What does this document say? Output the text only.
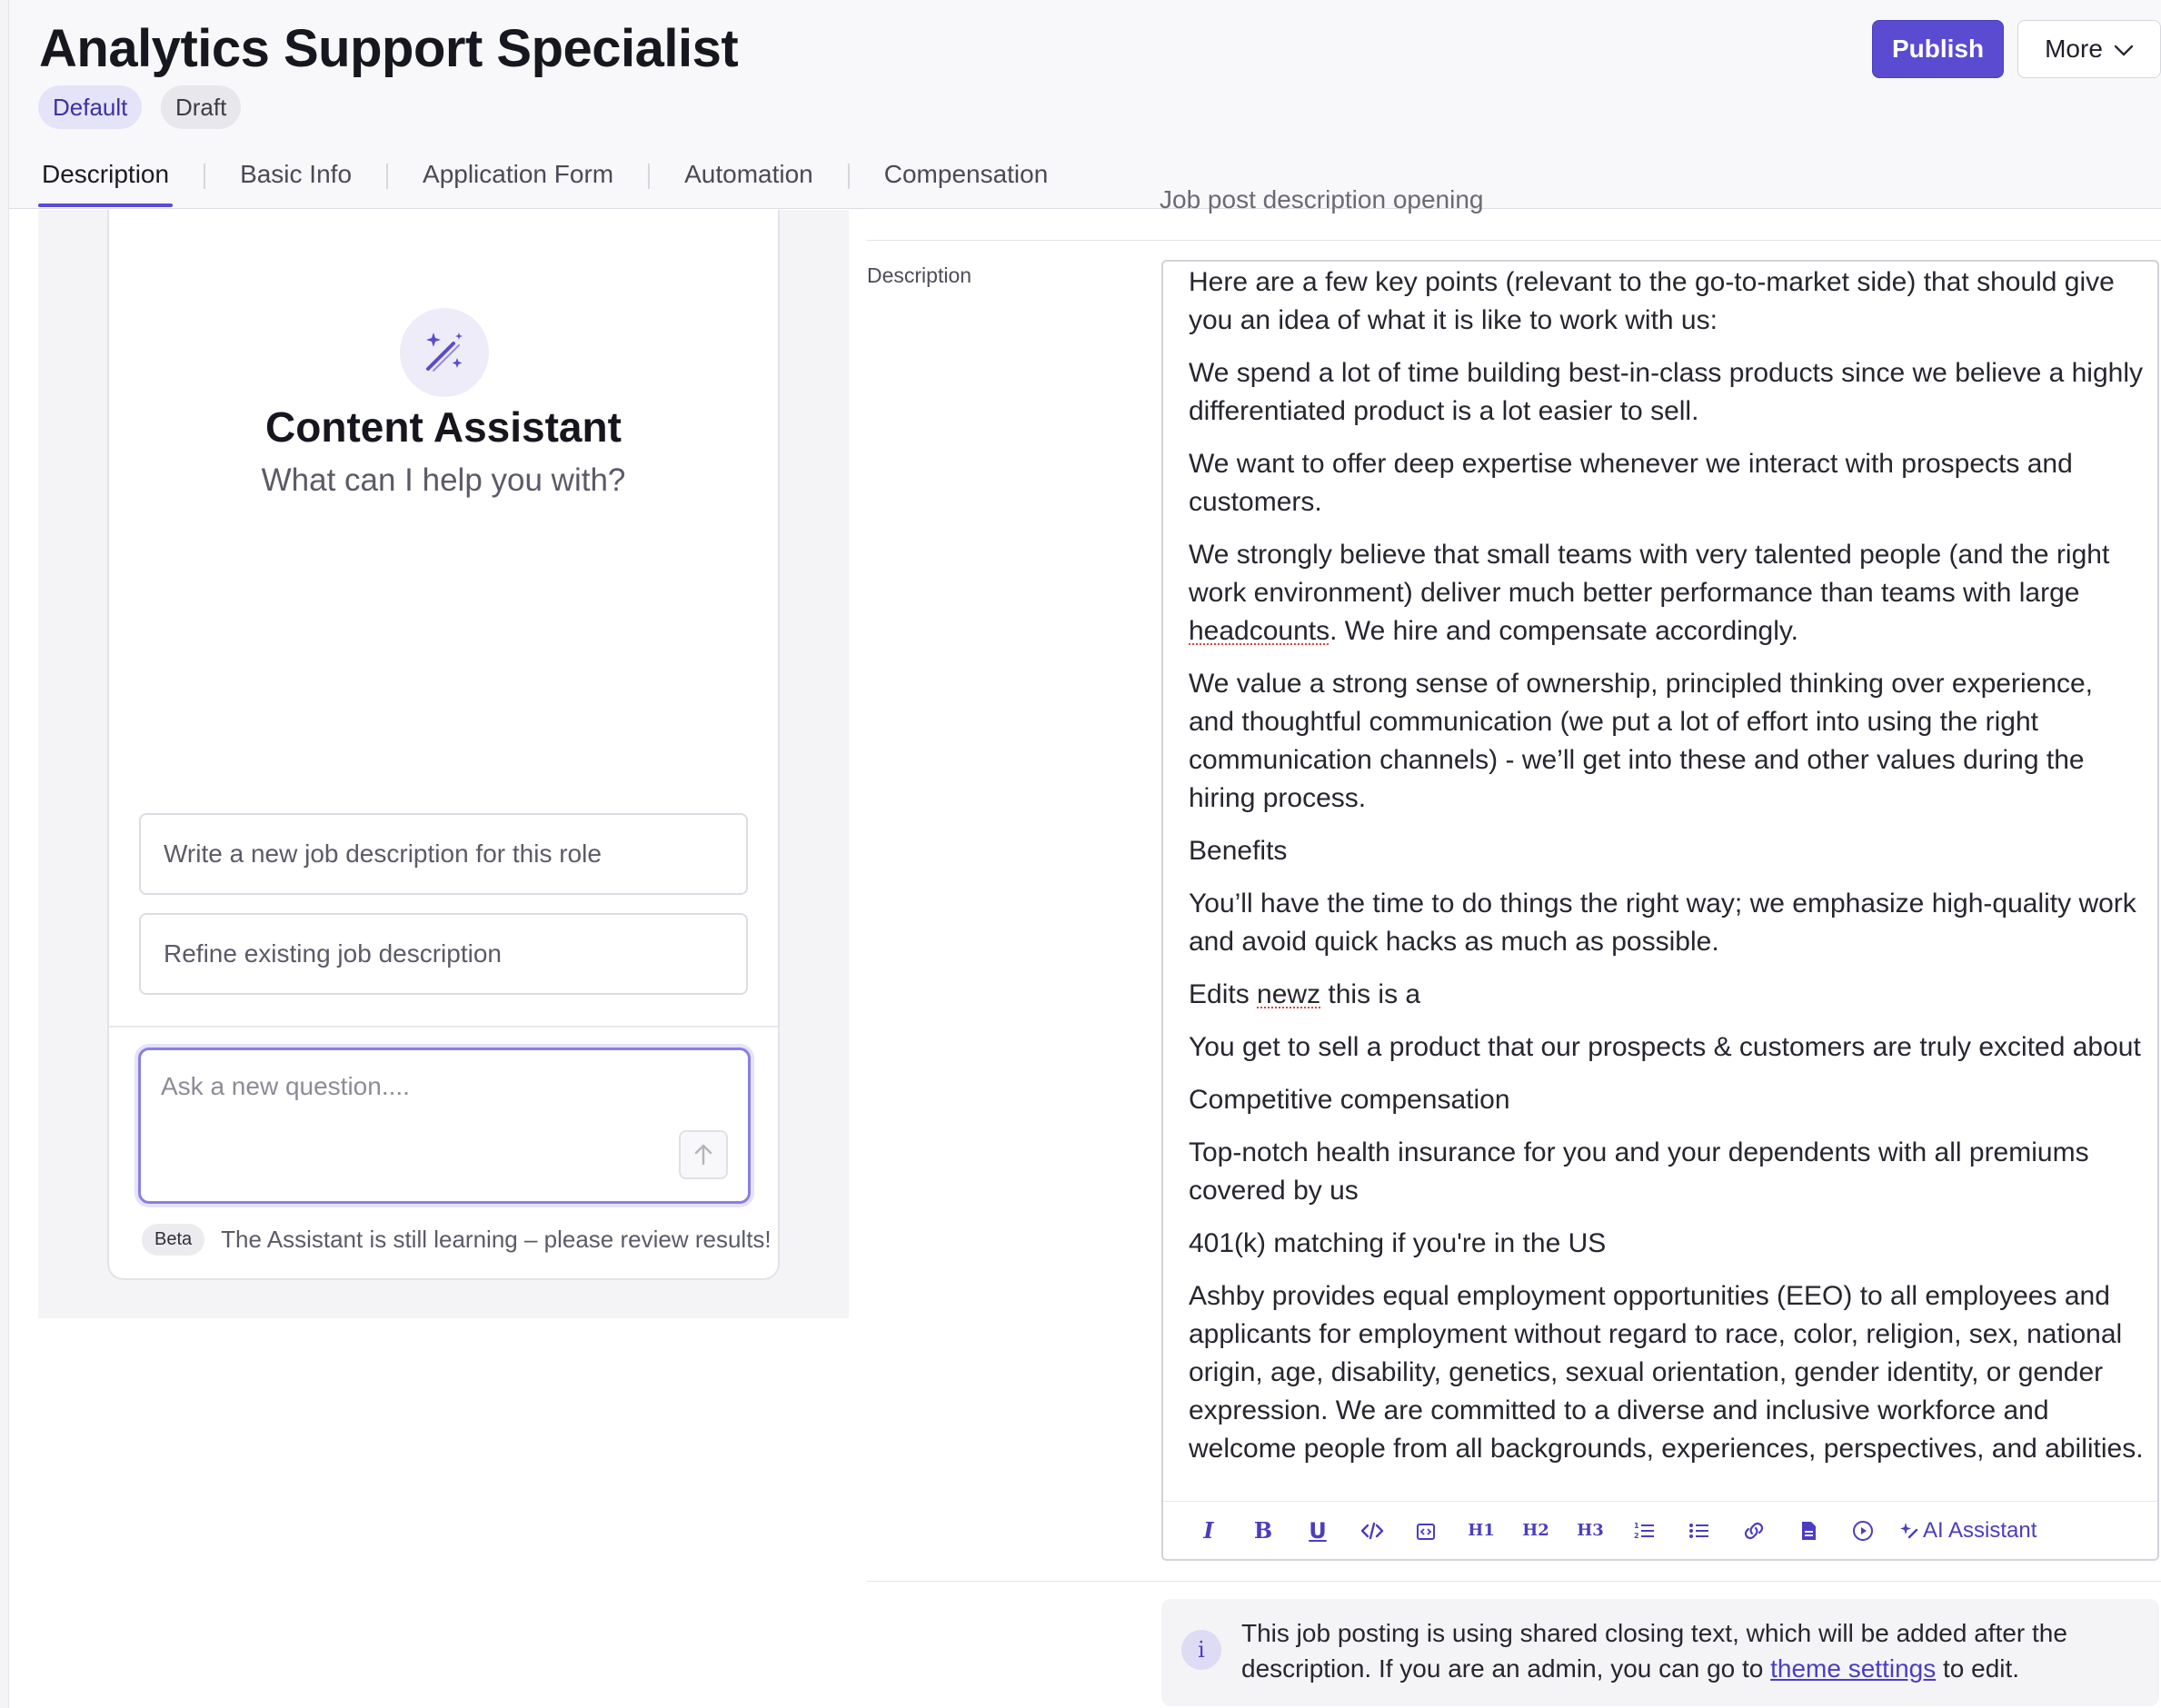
Analytics Support Specialist
Default	Draft
Publish	More
Description	Basic Info	Application Form	Automation	Compensation
Content Assistant
What can I help you with?
Write a new job description for this role
Refine existing job description
Ask a new question....
Beta	The Assistant is still learning – please review results!
Job post description opening
Description	Here are a few key points (relevant to the go-to-market side) that should give you an idea of what it is like to work with us:

We spend a lot of time building best-in-class products since we believe a highly differentiated product is a lot easier to sell.

We want to offer deep expertise whenever we interact with prospects and customers.

We strongly believe that small teams with very talented people (and the right work environment) deliver much better performance than teams with large headcounts. We hire and compensate accordingly.

We value a strong sense of ownership, principled thinking over experience, and thoughtful communication (we put a lot of effort into using the right communication channels) - we’ll get into these and other values during the hiring process.

Benefits

You’ll have the time to do things the right way; we emphasize high-quality work and avoid quick hacks as much as possible.

Edits newz this is a

You get to sell a product that our prospects & customers are truly excited about

Competitive compensation

Top-notch health insurance for you and your dependents with all premiums covered by us

401(k) matching if you're in the US

Ashby provides equal employment opportunities (EEO) to all employees and applicants for employment without regard to race, color, religion, sex, national origin, age, disability, genetics, sexual orientation, gender identity, or gender expression. We are committed to a diverse and inclusive workforce and welcome people from all backgrounds, experiences, perspectives, and abilities.

I B U	H1	H2	H3	1
2	AI Assistant
i
This job posting is using shared closing text, which will be added after the description. If you are an admin, you can go to theme settings to edit.
